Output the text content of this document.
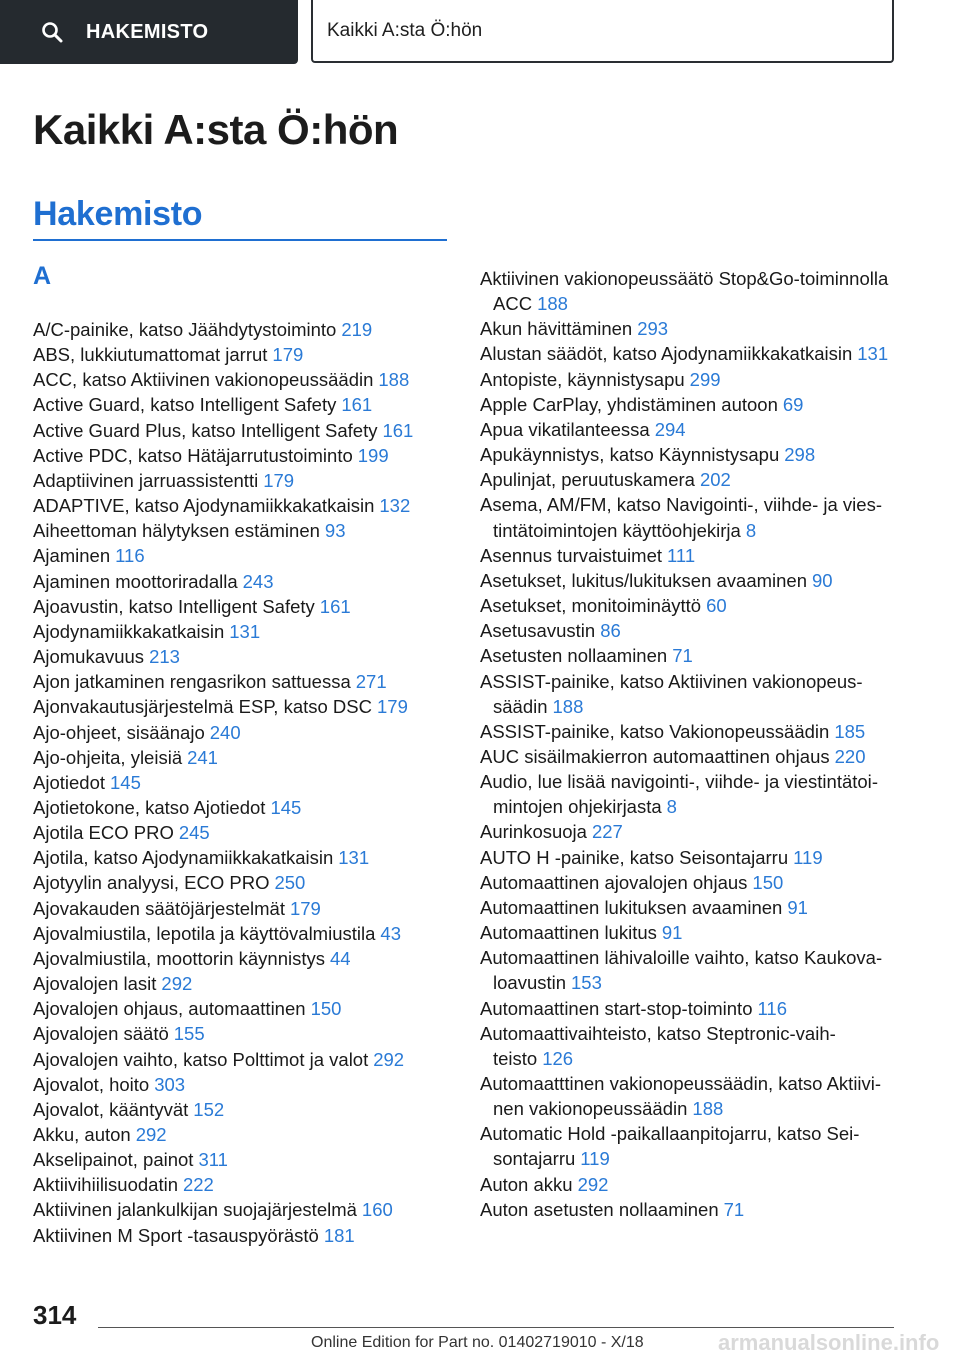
HAKEMISTO	Kaikki A:sta Ö:hön
Kaikki A:sta Ö:hön
Hakemisto
A
A/C-painike, katso Jäähdytystoiminto 219
ABS, lukkiutumattomat jarrut 179
ACC, katso Aktiivinen vakionopeussäädin 188
Active Guard, katso Intelligent Safety 161
Active Guard Plus, katso Intelligent Safety 161
Active PDC, katso Hätäjarrutustoiminto 199
Adaptiivinen jarruassistentti 179
ADAPTIVE, katso Ajodynamiikkakatkaisin 132
Aiheettoman hälytyksen estäminen 93
Ajaminen 116
Ajaminen moottoriradalla 243
Ajoavustin, katso Intelligent Safety 161
Ajodynamiikkakatkaisin 131
Ajomukavuus 213
Ajon jatkaminen rengasrikon sattuessa 271
Ajonvakautusjärjestelmä ESP, katso DSC 179
Ajo-ohjeet, sisäänajo 240
Ajo-ohjeita, yleisiä 241
Ajotiedot 145
Ajotietokone, katso Ajotiedot 145
Ajotila ECO PRO 245
Ajotila, katso Ajodynamiikkakatkaisin 131
Ajotyylin analyysi, ECO PRO 250
Ajovakauden säätöjärjestelmät 179
Ajovalmiustila, lepotila ja käyttövalmiustila 43
Ajovalmiustila, moottorin käynnistys 44
Ajovalojen lasit 292
Ajovalojen ohjaus, automaattinen 150
Ajovalojen säätö 155
Ajovalojen vaihto, katso Polttimot ja valot 292
Ajovalot, hoito 303
Ajovalot, kääntyvät 152
Akku, auton 292
Akselipainot, painot 311
Aktiivihiilisuodatin 222
Aktiivinen jalankulkijan suojajärjestelmä 160
Aktiivinen M Sport -tasauspyörästö 181
Aktiivinen vakionopeussäätö Stop&Go-toiminnolla ACC 188
Akun hävittäminen 293
Alustan säädöt, katso Ajodynamiikkakatkaisin 131
Antopiste, käynnistysapu 299
Apple CarPlay, yhdistäminen autoon 69
Apua vikatilanteessa 294
Apukäynnistys, katso Käynnistysapu 298
Apulinjat, peruutuskamera 202
Asema, AM/FM, katso Navigointi-, viihde- ja viestintätoimintojen käyttöohjekirja 8
Asennus turvaistuimet 111
Asetukset, lukitus/lukituksen avaaminen 90
Asetukset, monitoiminäyttö 60
Asetusavustin 86
Asetusten nollaaminen 71
ASSIST-painike, katso Aktiivinen vakionopeussäädin 188
ASSIST-painike, katso Vakionopeussäädin 185
AUC sisäilmakierron automaattinen ohjaus 220
Audio, lue lisää navigointi-, viihde- ja viestintätoimintojen ohjekirjasta 8
Aurinkosuoja 227
AUTO H -painike, katso Seisontajarru 119
Automaattinen ajovalojen ohjaus 150
Automaattinen lukituksen avaaminen 91
Automaattinen lukitus 91
Automaattinen lähivaloille vaihto, katso Kaukovaloavustin 153
Automaattinen start-stop-toiminto 116
Automaattivaihteisto, katso Steptronic-vaihteisto 126
Automaatttinen vakionopeussäädin, katso Aktiivinen vakionopeussäädin 188
Automatic Hold -paikallaanpitojarru, katso Seisontajarru 119
Auton akku 292
Auton asetusten nollaaminen 71
314
Online Edition for Part no. 01402719010 - X/18	armanualsonline.info
